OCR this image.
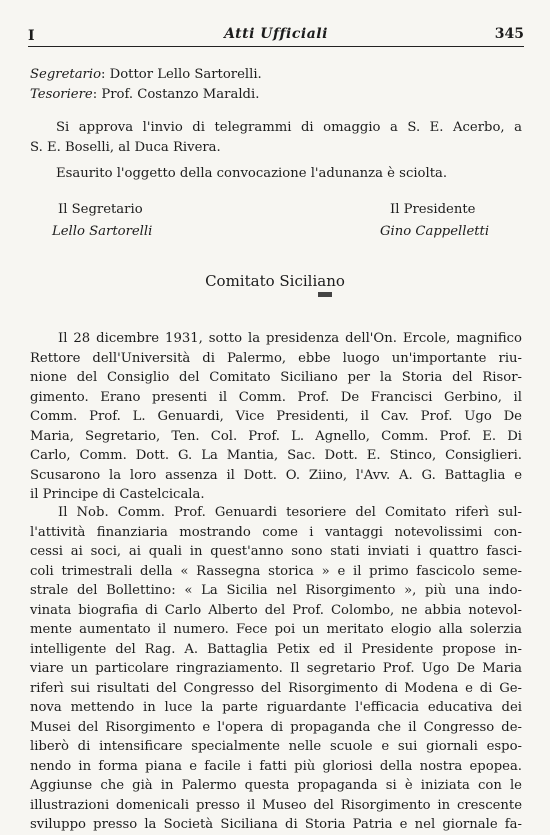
I	Atti Ufficiali	345
Segretario: Dottor Lello Sartorelli.
Tesoriere: Prof. Costanzo Maraldi.
Si approva l'invio di telegrammi di omaggio a S. E. Acerbo, a
S. E. Boselli, al Duca Rivera.
Esaurito l'oggetto della convocazione l'adunanza è sciolta.
Il Segretario
Lello Sartorelli
Il Presidente
Gino Cappelletti
Comitato Siciliano
Il 28 dicembre 1931, sotto la presidenza dell'On. Ercole, magnifico
Rettore dell'Università di Palermo, ebbe luogo un'importante riu-
nione del Consiglio del Comitato Siciliano per la Storia del Risor-
gimento. Erano presenti il Comm. Prof. De Francisci Gerbino, il
Comm. Prof. L. Genuardi, Vice Presidenti, il Cav. Prof. Ugo De
Maria, Segretario, Ten. Col. Prof. L. Agnello, Comm. Prof. E. Di
Carlo, Comm. Dott. G. La Mantia, Sac. Dott. E. Stinco, Consiglieri.
Scusarono la loro assenza il Dott. O. Ziino, l'Avv. A. G. Battaglia e
il Principe di Castelcicala.
Il Nob. Comm. Prof. Genuardi tesoriere del Comitato riferì sul-
l'attività finanziaria mostrando come i vantaggi notevolissimi con-
cessi ai soci, ai quali in quest'anno sono stati inviati i quattro fasci-
coli trimestrali della « Rassegna storica » e il primo fascicolo seme-
strale del Bollettino: « La Sicilia nel Risorgimento », più una indo-
vinata biografia di Carlo Alberto del Prof. Colombo, ne abbia notevol-
mente aumentato il numero. Fece poi un meritato elogio alla solerzia
intelligente del Rag. A. Battaglia Petix ed il Presidente propose in-
viare un particolare ringraziamento. Il segretario Prof. Ugo De Maria
riferì sui risultati del Congresso del Risorgimento di Modena e di Ge-
nova mettendo in luce la parte riguardante l'efficacia educativa dei
Musei del Risorgimento e l'opera di propaganda che il Congresso de-
liberò di intensificare specialmente nelle scuole e sui giornali espo-
nendo in forma piana e facile i fatti più gloriosi della nostra epopea.
Aggiunse che già in Palermo questa propaganda si è iniziata con le
illustrazioni domenicali presso il Museo del Risorgimento in crescente
sviluppo presso la Società Siciliana di Storia Patria e nel giornale fa-
